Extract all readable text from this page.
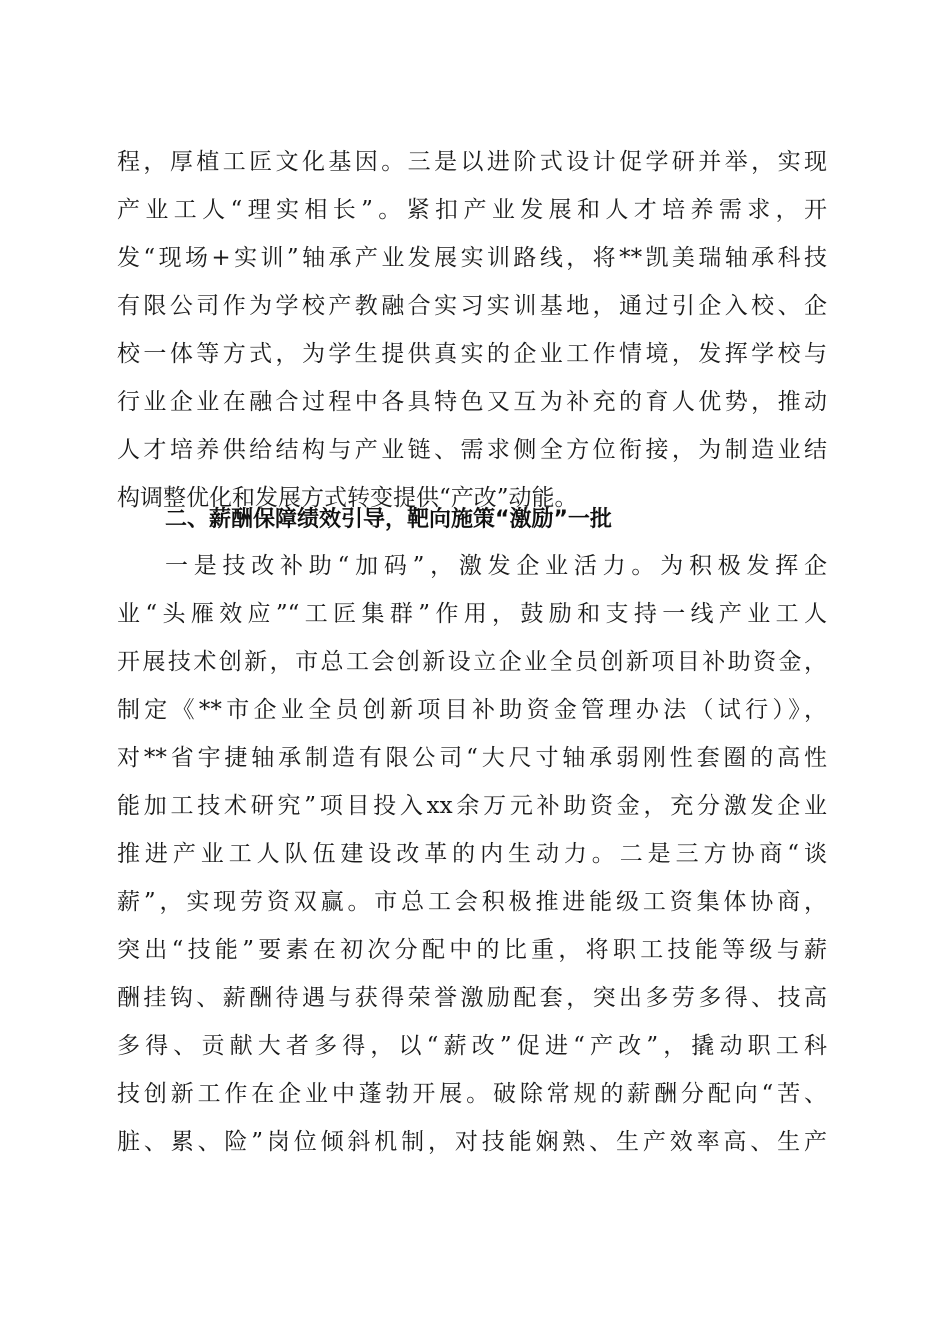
程，厚植工匠文化基因。三是以进阶式设计促学研并举，实现
产业工人“理实相长”。紧扣产业发展和人才培养需求，开
发“现场+实训”轴承产业发展实训路线，将**凯美瑞轴承科技
有限公司作为学校产教融合实习实训基地，通过引企入校、企
校一体等方式，为学生提供真实的企业工作情境，发挥学校与
行业企业在融合过程中各具特色又互为补充的育人优势，推动
人才培养供给结构与产业链、需求侧全方位衔接，为制造业结
构调整优化和发展方式转变提供“产改”动能。
二、薪酬保障绩效引导，靶向施策“激励”一批
一是技改补助“加码”，激发企业活力。为积极发挥企
业“头雁效应”“工匠集群”作用，鼓励和支持一线产业工人
开展技术创新，市总工会创新设立企业全员创新项目补助资金，
制定《**市企业全员创新项目补助资金管理办法（试行）》，
对**省宇捷轴承制造有限公司“大尺寸轴承弱刚性套圈的高性
能加工技术研究”项目投入xx余万元补助资金，充分激发企业
推进产业工人队伍建设改革的内生动力。二是三方协商“谈
薪”，实现劳资双赢。市总工会积极推进能级工资集体协商，
突出“技能”要素在初次分配中的比重，将职工技能等级与薪
酬挂钩、薪酬待遇与获得荣誉激励配套，突出多劳多得、技高
多得、贡献大者多得，以“薪改”促进“产改”，撬动职工科
技创新工作在企业中蓬勃开展。破除常规的薪酬分配向“苦、
脏、累、险”岗位倾斜机制，对技能娴熟、生产效率高、生产
